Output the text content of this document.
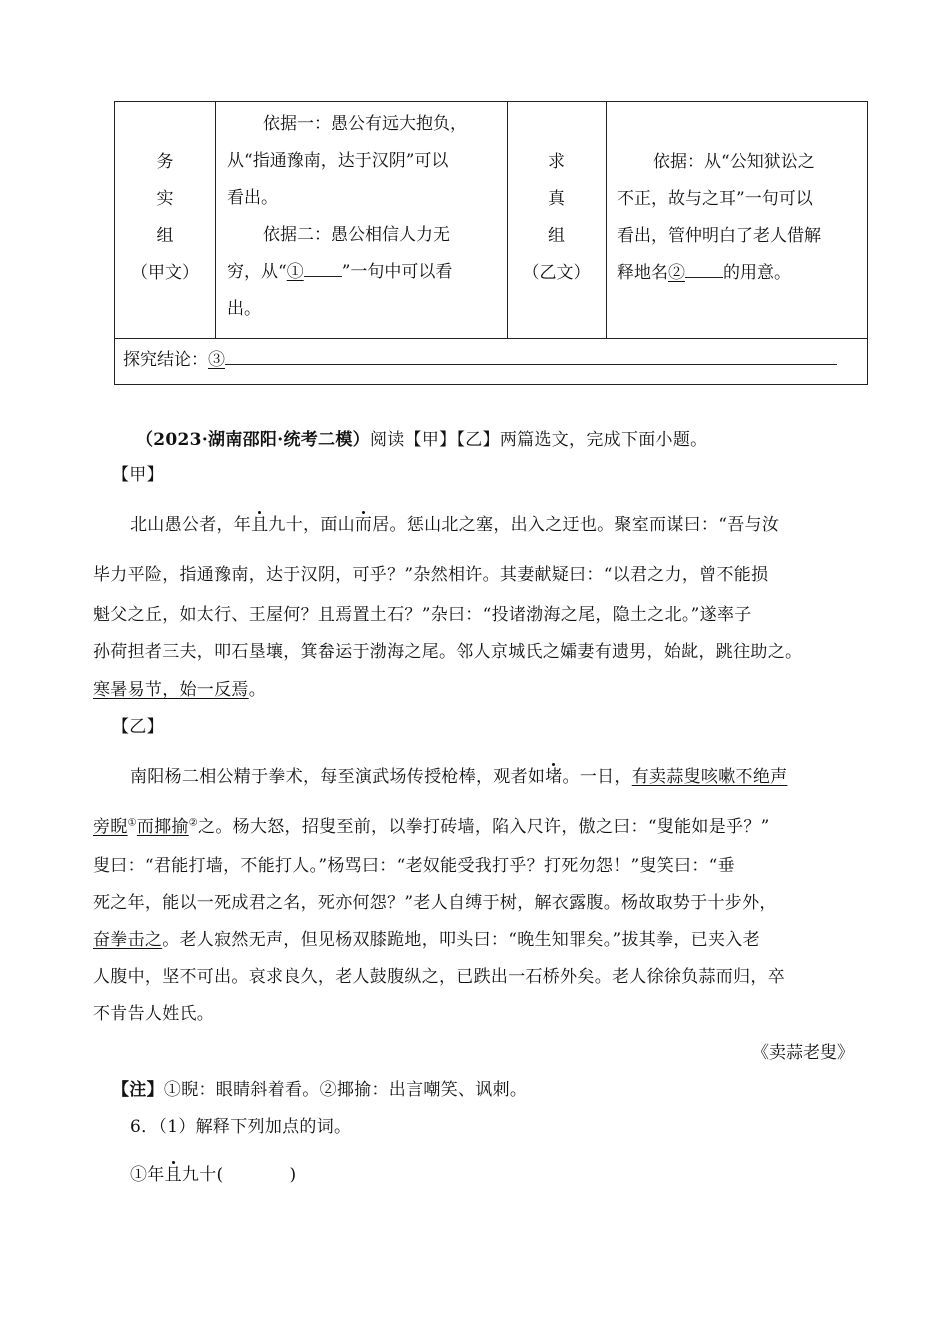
务
实
组
（甲文）
依据一：愚公有远大抱负，
从“指通豫南，达于汉阴”可以
看出。
依据二：愚公相信人力无
穷，从“① ”一句中可以看
出。
求
真
组
（乙文）
依据：从“公知狱讼之
不正，故与之耳”一句可以
看出，管仲明白了老人借解
释地名② 的用意。
探究结论：③
（2023·湖南邵阳·统考二模）阅读【甲】【乙】两篇选文，完成下面小题。
【甲】
北山愚公者，年且九十，面山而居。惩山北之塞，出入之迂也。聚室而谋曰：“吾与汝
毕力平险，指通豫南，达于汉阴，可乎？”杂然相许。其妻献疑曰：“以君之力，曾不能损
魁父之丘，如太行、王屋何？且焉置土石？”杂曰：“投诸渤海之尾，隐土之北。”遂率子
孙荷担者三夫，叩石垦壤，箕畚运于渤海之尾。邻人京城氏之孀妻有遗男，始龀，跳往助之。
寒暑易节，始一反焉。
【乙】
南阳杨二相公精于拳术，每至演武场传授枪棒，观者如堵。一日，有卖蒜叟咳嗽不绝声
旁睨①而揶揄②之。杨大怒，招叟至前，以拳打砖墙，陷入尺许，傲之曰：“叟能如是乎？”
叟曰：“君能打墙，不能打人。”杨骂曰：“老奴能受我打乎？打死勿怨！”叟笑曰：“垂
死之年，能以一死成君之名，死亦何怨？”老人自缚于树，解衣露腹。杨故取势于十步外，
奋拳击之。老人寂然无声，但见杨双膝跪地，叩头曰：“晚生知罪矣。”拔其拳，已夹入老
人腹中，坚不可出。哀求良久，老人鼓腹纵之，已跌出一石桥外矣。老人徐徐负蒜而归，卒
不肯告人姓氏。
《卖蒜老叟》
【注】①睨：眼睛斜着看。②揶揄：出言嘲笑、讽刺。
6．（1）解释下列加点的词。
①年且九十(	)
